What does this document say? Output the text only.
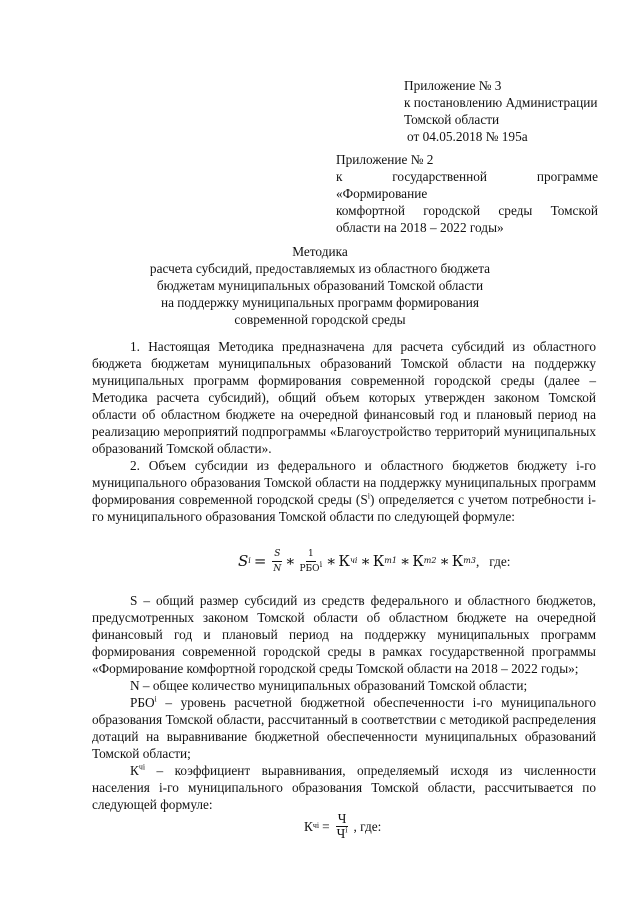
Приложение № 3
к постановлению Администрации
Томской области
от 04.05.2018 № 195а
Приложение № 2
к государственной программе «Формирование
комфортной городской среды Томской
области на 2018 – 2022 годы»
Методика
расчета субсидий, предоставляемых из областного бюджета
бюджетам муниципальных образований Томской области
на поддержку муниципальных программ формирования
современной городской среды

1. Настоящая Методика предназначена для расчета субсидий из областного бюджета бюджетам муниципальных образований Томской области на поддержку муниципальных программ формирования современной городской среды (далее – Методика расчета субсидий), общий объем которых утвержден законом Томской области об областном бюджете на очередной финансовый год и плановый период на реализацию мероприятий подпрограммы «Благоустройство территорий муниципальных образований Томской области».

2. Объем субсидии из федерального и областного бюджетов бюджету i-го муниципального образования Томской области на поддержку муниципальных программ формирования современной городской среды $(S^i)$ определяется с учетом потребности i-го муниципального образования Томской области по следующей формуле:

S $i = \frac{S}{N}$ ∗ $\frac{1}{РБО^i}$ ∗ К чi ∗ К m1 ∗ К m2 ∗ К m3 ,   где:

S – общий размер субсидий из средств федерального и областного бюджетов, предусмотренных законом Томской области об областном бюджете на очередной финансовый год и плановый период на поддержку муниципальных программ формирования современной городской среды в рамках государственной программы «Формирование комфортной городской среды Томской области на 2018 – 2022 годы»;

N – общее количество муниципальных образований Томской области;

РБО$^i$ – уровень расчетной бюджетной обеспеченности i-го муниципального образования Томской области, рассчитанный в соответствии с методикой распределения дотаций на выравнивание бюджетной обеспеченности муниципальных образований Томской области;

$К^{чi}$ – коэффициент выравнивания, определяемый исходя из численности населения i-го муниципального образования Томской области, рассчитывается по следующей формуле:

К чi = $\frac{Ч}{Ч^i}$ , где:
